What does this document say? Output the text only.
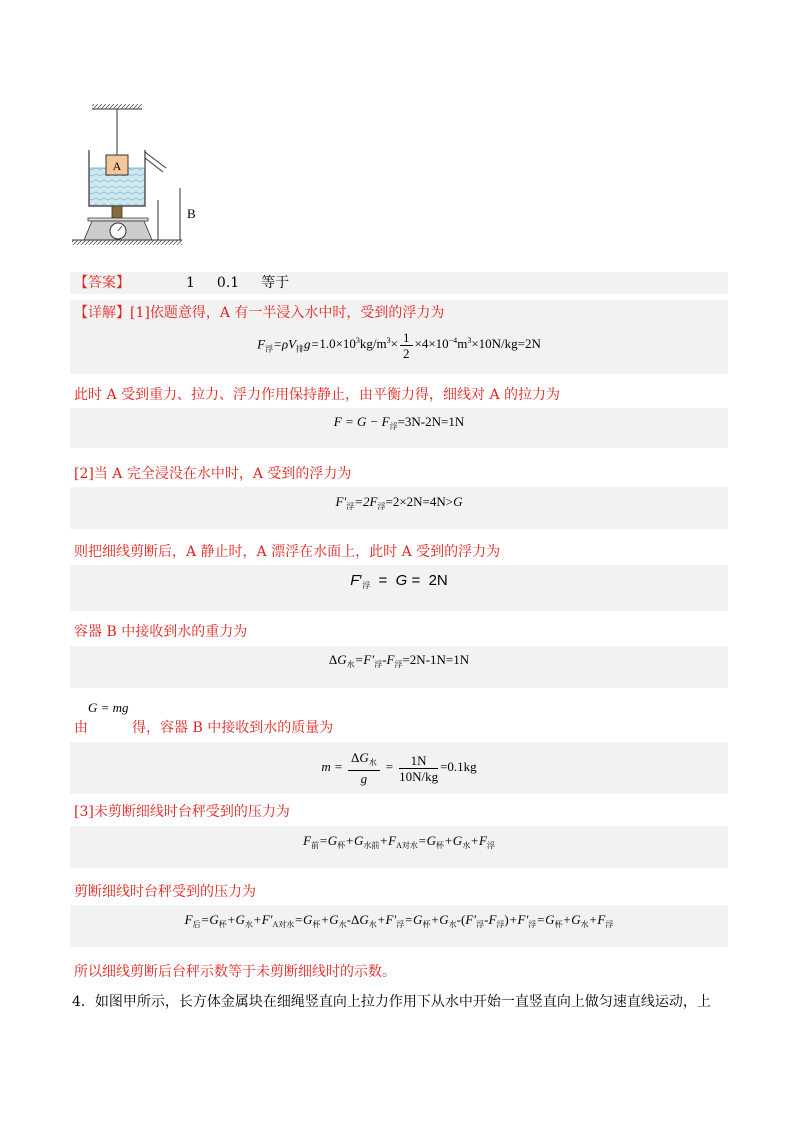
A
B
【答案】	1 0.1 等于
【详解】[1]依题意得，A 有一半浸入水中时，受到的浮力为
$F_浮=\rho V_排g=1.0\times 10^3kg/m^3\times \frac{1}{2} \times 4\times 10^{-4}m^3\times 10N/kg=2N$
此时 A 受到重力、拉力、浮力作用保持静止，由平衡力得，细线对 A 的拉力为
$F = G - F_浮=3N-2N=1N$
[2]当 A 完全浸没在水中时，A 受到的浮力为
$F'_浮=2F_浮=2\times 2N=4N>G$
则把细线剪断后，A 静止时，A 漂浮在水面上，此时 A 受到的浮力为
$F'_浮 = G = 2N$
容器 B 中接收到水的重力为
$\Delta G_水=F'_浮-F_浮=2N-1N=1N$
由	得，容器 B 中接收到水的质量为
G = mg
$m = \frac{\Delta G_水}{g} = \frac{1N}{10N/kg} =0.1kg$
[3]未剪断细线时台秤受到的压力为
$F_前=G_杯+G_{水前}+F_{A对水}=G_杯+G_水+F_浮$
剪断细线时台秤受到的压力为
$F_后=G_杯+G_水+F'_{A对水}=G_杯+G_水-\Delta G_水+F'_浮=G_杯+G_水-(F'_浮-F_浮)+F'_浮=G_杯+G_水+F_浮$
所以细线剪断后台秤示数等于未剪断细线时的示数。
4．如图甲所示，长方体金属块在细绳竖直向上拉力作用下从水中开始一直竖直向上做匀速直线运动，上
